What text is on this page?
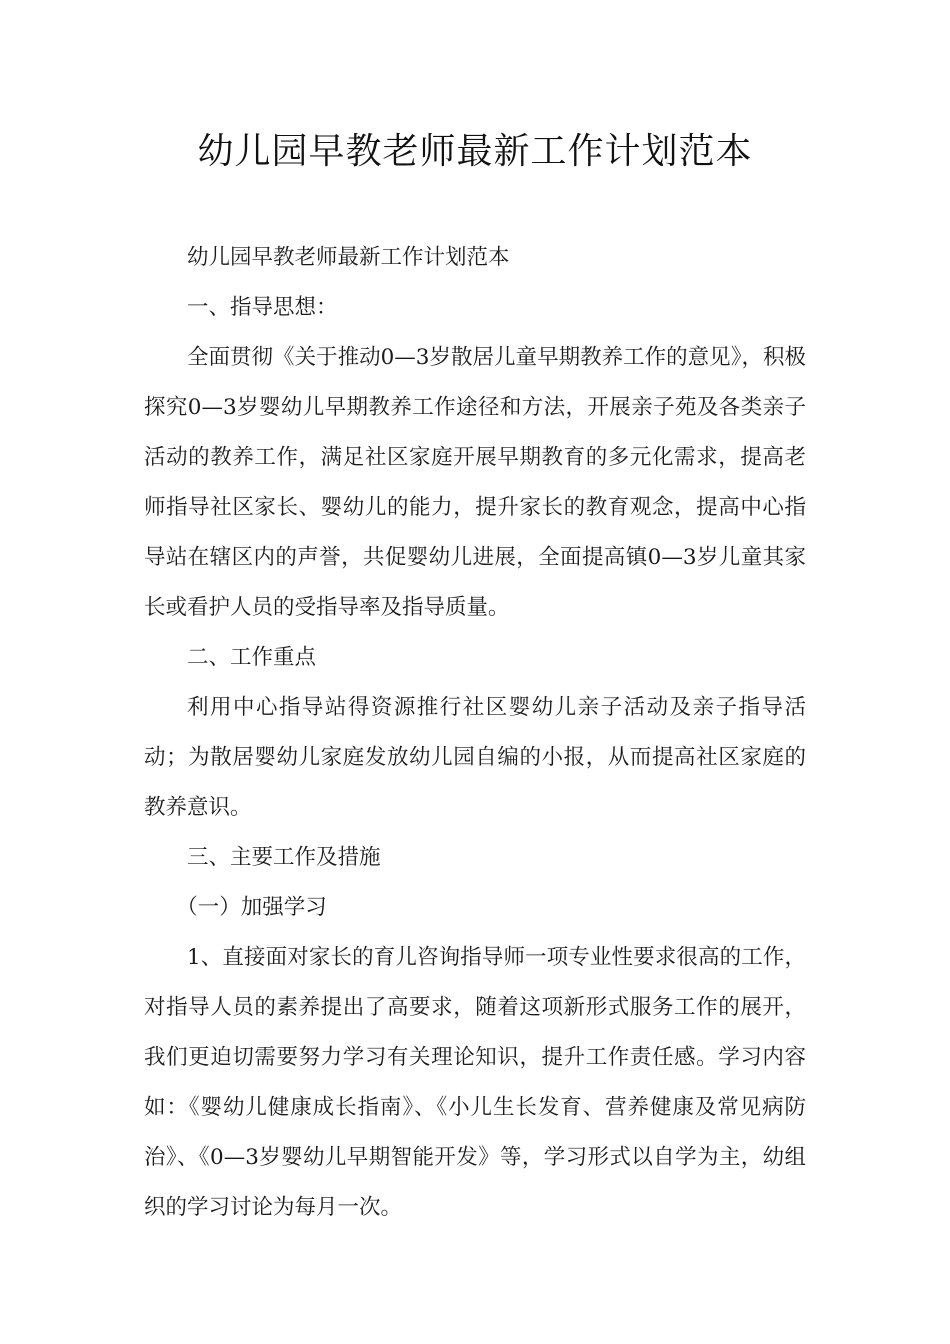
幼儿园早教老师最新工作计划范本

幼儿园早教老师最新工作计划范本

一、指导思想：

全面贯彻《关于推动0—3岁散居儿童早期教养工作的意见》，积极探究0—3岁婴幼儿早期教养工作途径和方法，开展亲子苑及各类亲子活动的教养工作，满足社区家庭开展早期教育的多元化需求，提高老师指导社区家长、婴幼儿的能力，提升家长的教育观念，提高中心指导站在辖区内的声誉，共促婴幼儿进展，全面提高镇0—3岁儿童其家长或看护人员的受指导率及指导质量。

二、工作重点

利用中心指导站得资源推行社区婴幼儿亲子活动及亲子指导活动；为散居婴幼儿家庭发放幼儿园自编的小报，从而提高社区家庭的教养意识。

三、主要工作及措施

（一）加强学习

1、直接面对家长的育儿咨询指导师一项专业性要求很高的工作，对指导人员的素养提出了高要求，随着这项新形式服务工作的展开，我们更迫切需要努力学习有关理论知识，提升工作责任感。学习内容如：《婴幼儿健康成长指南》、《小儿生长发育、营养健康及常见病防治》、《0—3岁婴幼儿早期智能开发》等，学习形式以自学为主，幼组织的学习讨论为每月一次。
